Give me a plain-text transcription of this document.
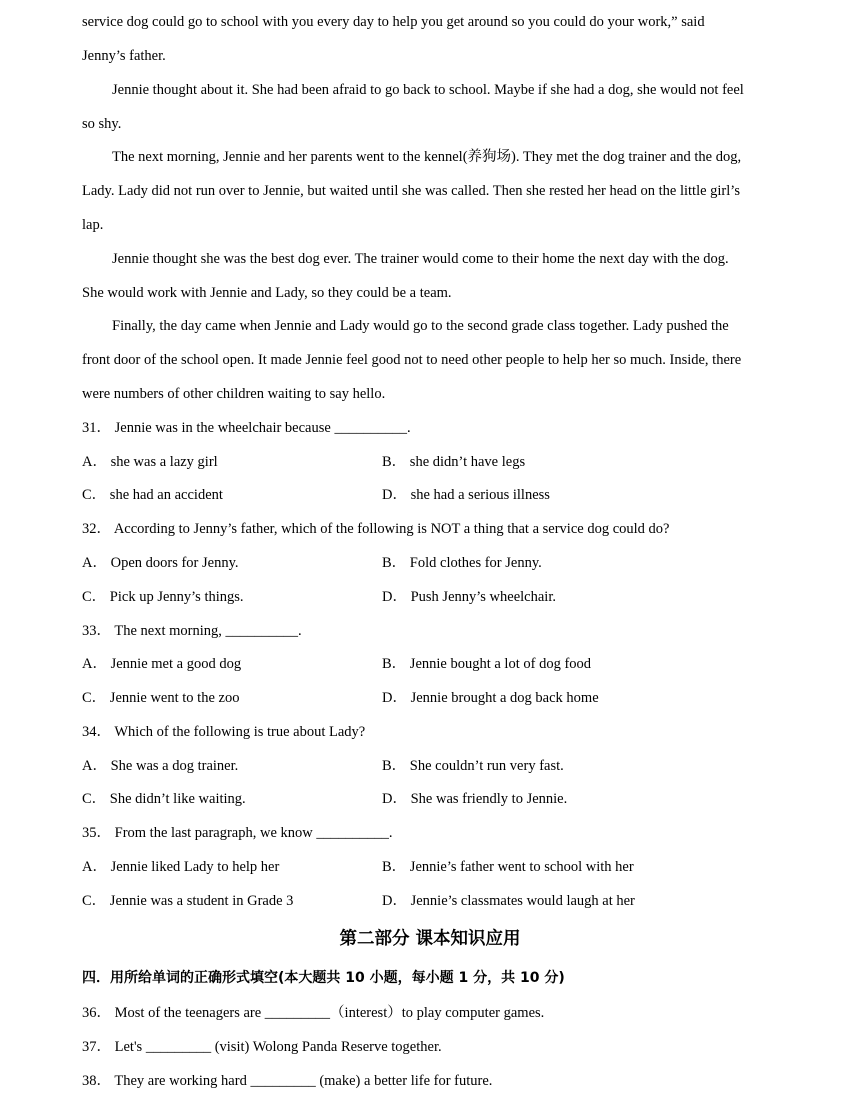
service dog could go to school with you every day to help you get around so you could do your work,” said
Jenny’s father.
Jennie thought about it. She had been afraid to go back to school. Maybe if she had a dog, she would not feel
so shy.
The next morning, Jennie and her parents went to the kennel(养狗场). They met the dog trainer and the dog,
Lady. Lady did not run over to Jennie, but waited until she was called. Then she rested her head on the little girl’s
lap.
Jennie thought she was the best dog ever. The trainer would come to their home the next day with the dog.
She would work with Jennie and Lady, so they could be a team.
Finally, the day came when Jennie and Lady would go to the second grade class together. Lady pushed the
front door of the school open. It made Jennie feel good not to need other people to help her so much. Inside, there
were numbers of other children waiting to say hello.
31． Jennie was in the wheelchair because __________.
A． she was a lazy girl	B． she didn’t have legs
C． she had an accident	D． she had a serious illness
32． According to Jenny’s father, which of the following is NOT a thing that a service dog could do?
A． Open doors for Jenny.	B． Fold clothes for Jenny.
C． Pick up Jenny’s things.	D． Push Jenny’s wheelchair.
33． The next morning, __________.
A． Jennie met a good dog	B． Jennie bought a lot of dog food
C． Jennie went to the zoo	D． Jennie brought a dog back home
34． Which of the following is true about Lady?
A． She was a dog trainer.	B． She couldn’t run very fast.
C． She didn’t like waiting.	D． She was friendly to Jennie.
35． From the last paragraph, we know __________.
A． Jennie liked Lady to help her	B． Jennie’s father went to school with her
C． Jennie was a student in Grade 3	D． Jennie’s classmates would laugh at her
第二部分 课本知识应用
四．用所给单词的正确形式填空(本大题共 10 小题，每小题 1 分，共 10 分)
36． Most of the teenagers are _________（interest）to play computer games.
37． Let's _________ (visit) Wolong Panda Reserve together.
38． They are working hard _________ (make) a better life for future.
